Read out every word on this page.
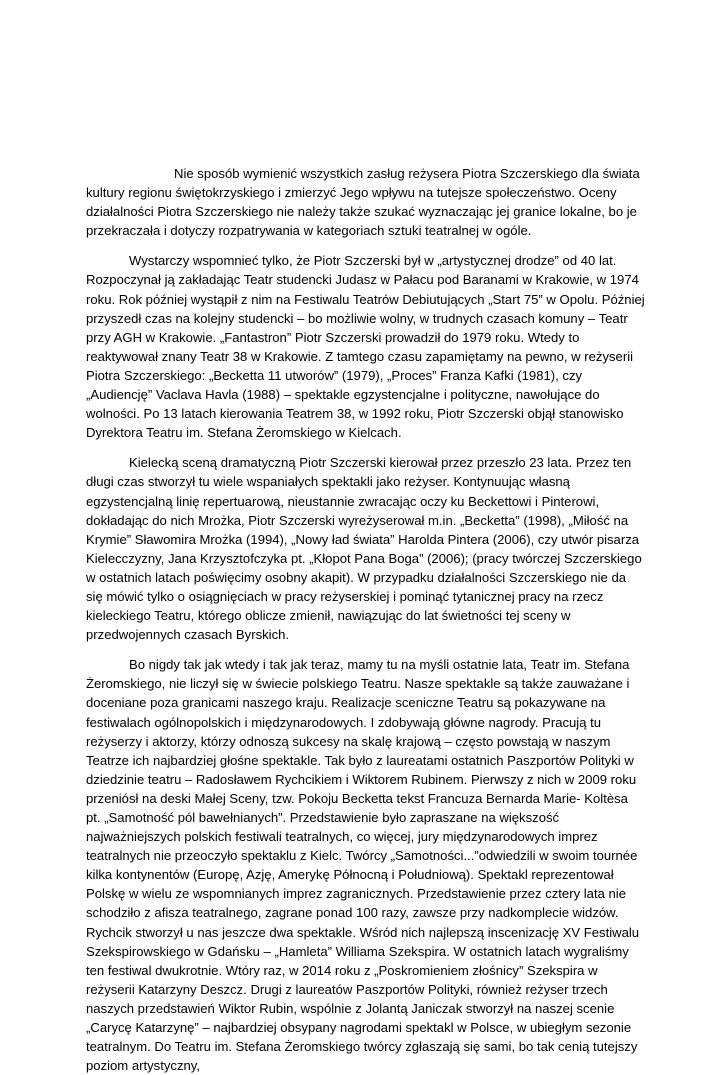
Nie sposób wymienić wszystkich zasług reżysera Piotra Szczerskiego dla świata kultury regionu świętokrzyskiego i zmierzyć Jego wpływu na tutejsze społeczeństwo. Oceny działalności Piotra Szczerskiego nie należy także szukać wyznaczając jej granice lokalne, bo je przekraczała i dotyczy rozpatrywania w kategoriach sztuki teatralnej w ogóle.

Wystarczy wspomnieć tylko, że Piotr Szczerski był w „artystycznej drodze” od 40 lat. Rozpoczynał ją zakładając Teatr studencki Judasz w Pałacu pod Baranami w Krakowie, w 1974 roku. Rok później wystąpił z nim na Festiwalu Teatrów Debiutujących „Start 75” w Opolu. Później przyszedł czas na kolejny studencki – bo możliwie wolny, w trudnych czasach komuny – Teatr przy AGH w Krakowie. „Fantastron” Piotr Szczerski prowadził do 1979 roku. Wtedy to reaktywował znany Teatr 38 w Krakowie. Z tamtego czasu zapamiętamy na pewno, w reżyserii Piotra Szczerskiego: „Becketta 11 utworów” (1979), „Proces” Franza Kafki (1981), czy „Audiencję” Vaclava Havla (1988) – spektakle egzystencjalne i polityczne, nawołujące do wolności. Po 13 latach kierowania Teatrem 38, w 1992 roku, Piotr Szczerski objął stanowisko Dyrektora Teatru im. Stefana Żeromskiego w Kielcach.

Kielecką sceną dramatyczną Piotr Szczerski kierował przez przeszło 23 lata. Przez ten długi czas stworzył tu wiele wspaniałych spektakli jako reżyser. Kontynuując własną egzystencjalną linię repertuarową, nieustannie zwracając oczy ku Beckettowi i Pinterowi, dokładając do nich Mrożka, Piotr Szczerski wyreżyserował m.in. „Becketta” (1998), „Miłość na Krymie” Sławomira Mrożka (1994), „Nowy ład świata” Harolda Pintera (2006), czy utwór pisarza Kielecczyzny, Jana Krzysztofczyka pt. „Kłopot Pana Boga” (2006); (pracy twórczej Szczerskiego w ostatnich latach poświęcimy osobny akapit). W przypadku działalności Szczerskiego nie da się mówić tylko o osiągnięciach w pracy reżyserskiej i pominąć tytanicznej pracy na rzecz kieleckiego Teatru, którego oblicze zmienił, nawiązując do lat świetności tej sceny w przedwojennych czasach Byrskich.

Bo nigdy tak jak wtedy i tak jak teraz, mamy tu na myśli ostatnie lata, Teatr im. Stefana Żeromskiego, nie liczył się w świecie polskiego Teatru. Nasze spektakle są także zauważane i doceniane poza granicami naszego kraju. Realizacje sceniczne Teatru są pokazywane na festiwalach ogólnopolskich i międzynarodowych. I zdobywają główne nagrody. Pracują tu reżyserzy i aktorzy, którzy odnoszą sukcesy na skalę krajową – często powstają w naszym Teatrze ich najbardziej głośne spektakle. Tak było z laureatami ostatnich Paszportów Polityki w dziedzinie teatru – Radosławem Rychcikiem i Wiktorem Rubinem. Pierwszy z nich w 2009 roku przeniósł na deski Małej Sceny, tzw. Pokoju Becketta tekst Francuza Bernarda Marie- Koltèsa pt. „Samotność pól bawełnianych”. Przedstawienie było zapraszane na większość najważniejszych polskich festiwali teatralnych, co więcej, jury międzynarodowych imprez teatralnych nie przeoczyło spektaklu z Kielc. Twórcy „Samotności...”odwiedzili w swoim tournée kilka kontynentów (Europę, Azję, Amerykę Północną i Południową). Spektakl reprezentował Polskę w wielu ze wspomnianych imprez zagranicznych. Przedstawienie przez cztery lata nie schodziło z afisza teatralnego, zagrane ponad 100 razy, zawsze przy nadkomplecie widzów. Rychcik stworzył u nas jeszcze dwa spektakle. Wśród nich najlepszą inscenizację XV Festiwalu Szekspirowskiego w Gdańsku – „Hamleta” Williama Szekspira. W ostatnich latach wygraliśmy ten festiwal dwukrotnie. Wtóry raz, w 2014 roku z „Poskromieniem złośnicy” Szekspira w reżyserii Katarzyny Deszcz. Drugi z laureatów Paszportów Polityki, również reżyser trzech naszych przedstawień Wiktor Rubin, wspólnie z Jolantą Janiczak stworzył na naszej scenie „Carycę Katarzynę” – najbardziej obsypany nagrodami spektakl w Polsce, w ubiegłym sezonie teatralnym. Do Teatru im. Stefana Żeromskiego twórcy zgłaszają się sami, bo tak cenią tutejszy poziom artystyczny,
